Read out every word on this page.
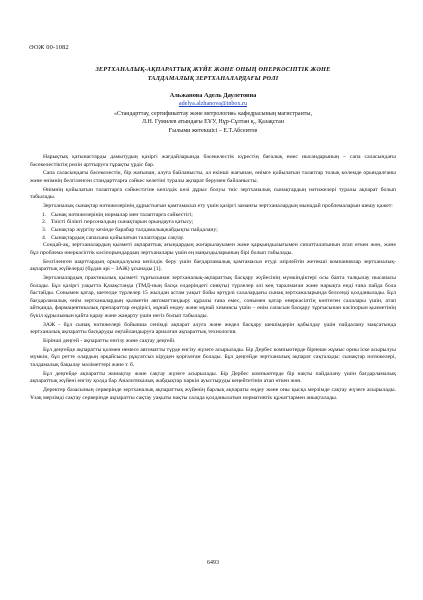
ӘОЖ 00-1082
ЗЕРТХАНАЛЫҚ-АҚПАРАТТЫҚ ЖҮЙЕ ЖӘНЕ ОНЫҢ ӨНЕРКӘСІПТІК ЖӘНЕ
ТАЛДАМАЛЫҚ ЗЕРТХАНАЛАРДАҒЫ РӨЛІ
Альжанова Адель Даулетовна
adelya.alzhanova@inbox.ru
«Стандарттау, сертификаттау және метрология» кафедрасының магистранты,
Л.Н. Гумилев атындағы ЕҰУ, Нұр-Сұлтан қ., Қазақстан
Ғылыми жетекшісі – Е.Т.Абсеитов

Нарықтық қатынастарды дамытудың қазіргі жағдайларында бәсекелестік күрестің бағалық емес нысандарының – сапа саласындағы бәсекелестіктің рөлін арттыруға тұрақты үрдіс бар.

Сапа саласындағы бәсекелестік, бір жағынан, алуға байланысты, ал екіншi жағынан, өнімге қойылатын талаптар толық көлемде орындалғаны және өнімнің белгіленген стандарттарға сәйкес келетіні туралы ақпарат берумен байланысты.

Өнімнің қойылатын талаптарға сәйкестігіне кепілдік көзі дұрыс болуы тиіс зертханалық сынақтардың нәтижелері туралы ақпарат болып табылады.

Зертханалық сынақтар нәтижелерінің дұрыстығын қамтамасыз ету үшін қазіргі заманғы зертханалардың мынадай проблемаларын шешу қажет:

1. Сынақ нәтижелерінің нормалар мен талаптарға сәйкестігі;
2. Тиісті білікті персоналдың сынақтарын орындауға қатысу;
3. Сынақтар жүргізу кезінде барабар талдамалықжабдықты пайдалану;
4. Сынақтардың сапасына қойылатын талаптарды сақтау.

Сондай-ақ, зертханалардың қызметі ақпараттық ағындардың жоғарылауымен және қарқындылығымен сипатталатынын атап өткен жөн, және бұл проблема өнеркәсіптік кәсіпорындардың зертханалары үшін ең маңыздыларының бірі болып табылады.

Белгіленген шарттардың орындалуына кепілдік беру үшін бағдарламалық қамтамасыз етуді әзірлейтін жетекші компаниялар зертханалық-ақпараттық жүйелерді (бұдан әрі – ЗАЖ) ұсынады [1].

Зертханалардың практикалық қызметі тұрғысынан зертханалық-ақпараттық басқару жүйесінің мүмкіндіктері осы бапта талқылау нысанасы болады. Бұл қазіргі уақытта Қазақстанда (ТМД-ның басқа елдеріндегі сияқты) түрлелер әлі кең таралмаған және нарықта енді ғана пайда бола бастайды. Сонымен қатар, шетелде түрлелер 15 жылдан астам уақыт бойы әртүрлі салалардағы сынақ зертханаларында белсенді қолданылады. Бұл бағдарламалық өнім зертханалардың қызметін автоматтандыру құралы ғана емес, сонымен қатар өнеркәсіптің көптеген салалары үшін, атап айтқанда, фармацевтикалық препараттар өндірісі, мұнай өндеу және мұнай химиясы үшін – өнім сапасын басқару тұрғысынан кәсіпорын қызметінің бүкіл құрылымын қайта қарау және жаңарту үшін негіз болып табылады.

ЗАЖ - бұл сынақ нәтижелері бойынша сенімді ақпарат алуға және жедел басқару шешімдерін қабылдау үшін пайдалану мақсатында зертханалық ақпаратты басқаруды оңтайландыруға арналған ақпараттық технология.

Біріншi деңгей - ақпаратты енгізу және сақтау деңгейі.

Бұл деңгейде ақпаратты қолмен немесе автоматты түрде енгізу жүзеге асырылады. Бір Дербес компьютерде бірнеше жұмыс орны іске асырылуы мүмкін, бұл ретте олардың әрқайсысы рұқсатсыз кіруден қорғалған болады. Бұл деңгейде зертханалық ақпарат сақталады: сынақтар нәтижелері, талдамалық бақылау мәліметтері және т. б.

Бұл деңгейде ақпаратты жинақтау және сақтау жүзеге асырылады. Бір Дербес компьютерде бір нақты пайдалану үшін бағдарламалық ақпараттық жүйені енгізу қолда бар Аналитикалық жабдықтар паркін ауыстыруды кеңейтетінін атап өткен жөн.

Деректер базасының серверінде зертханалық ақпараттық жүйенің барлық ақпараты өңдеу және оны қысқа мерзімде сақтау жүзеге асырылады. Ұзақ мерзімді сақтау серверінде ақпаратты сақтау уақыты нақты салада қолданылатын нормативтік құжаттармен анықталады.

6493
